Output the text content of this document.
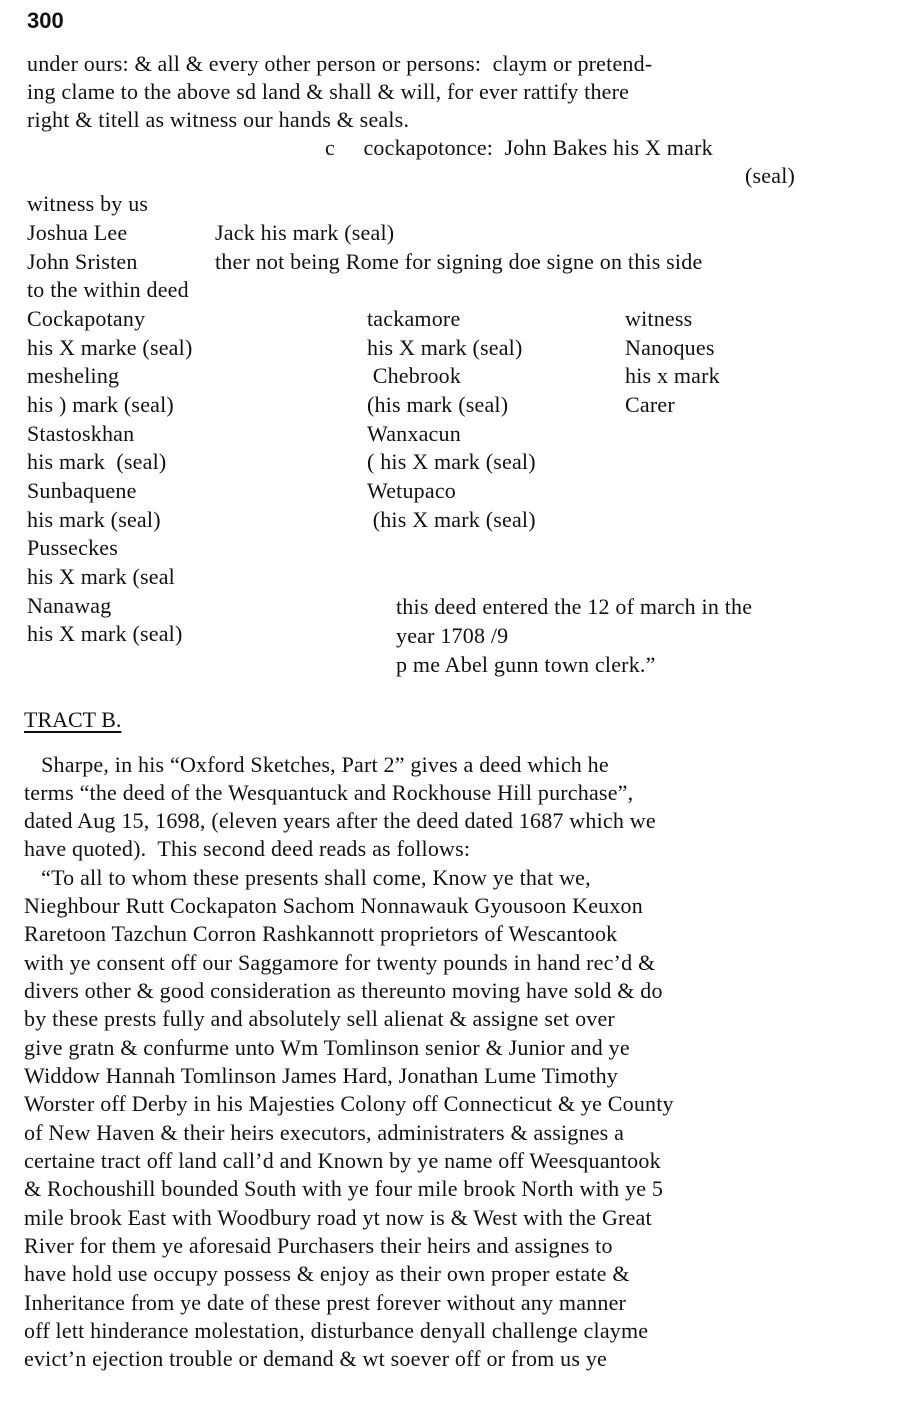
300
under ours: & all & every other person or persons:  claym or pretend-
ing clame to the above sd land & shall & will, for ever rattify there
right & titell as witness our hands & seals.
c     cockapotonce:  John Bakes his X mark
(seal)
witness by us
Joshua Lee	Jack his mark (seal)
John Sristen	ther not being Rome for signing doe signe on this side
to the within deed
Cockapotany
his X marke (seal)
mesheling
his ) mark (seal)
Stastoskhan
his mark  (seal)
Sunbaquene
his mark (seal)
Pusseckes
his X mark (seal
Nanawag
his X mark (seal)
tackamore
his X mark (seal)
Chebrook
(his mark (seal)
Wanxacun
( his X mark (seal)
Wetupaco
(his X mark (seal)
witness
Nanoques
his x mark
Carer
this deed entered the 12 of march in the
year 1708 /9
p me Abel gunn town clerk.”
TRACT B.
Sharpe, in his “Oxford Sketches, Part 2” gives a deed which he
terms “the deed of the Wesquantuck and Rockhouse Hill purchase”,
dated Aug 15, 1698, (eleven years after the deed dated 1687 which we
have quoted).  This second deed reads as follows:
“To all to whom these presents shall come, Know ye that we,
Nieghbour Rutt Cockapaton Sachom Nonnawauk Gyousoon Keuxon
Raretoon Tazchun Corron Rashkannott proprietors of Wescantook
with ye consent off our Saggamore for twenty pounds in hand rec’d &
divers other & good consideration as thereunto moving have sold & do
by these prests fully and absolutely sell alienat & assigne set over
give gratn & confurme unto Wm Tomlinson senior & Junior and ye
Widdow Hannah Tomlinson James Hard, Jonathan Lume Timothy
Worster off Derby in his Majesties Colony off Connecticut & ye County
of New Haven & their heirs executors, administraters & assignes a
certaine tract off land call’d and Known by ye name off Weesquantook
& Rochoushill bounded South with ye four mile brook North with ye 5
mile brook East with Woodbury road yt now is & West with the Great
River for them ye aforesaid Purchasers their heirs and assignes to
have hold use occupy possess & enjoy as their own proper estate &
Inheritance from ye date of these prest forever without any manner
off lett hinderance molestation, disturbance denyall challenge clayme
evict’n ejection trouble or demand & wt soever off or from us ye
